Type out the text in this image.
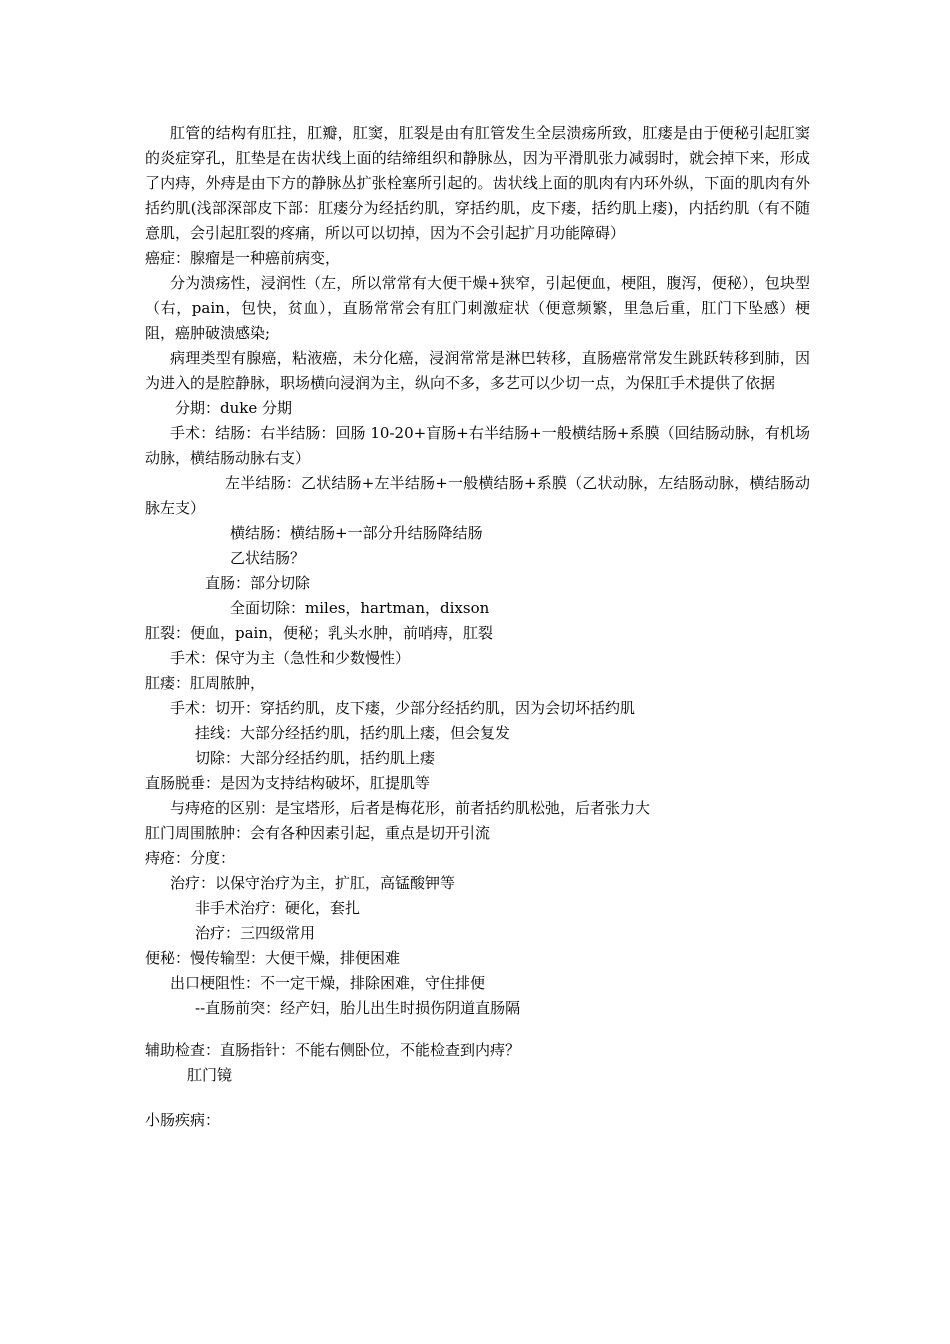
肛管的结构有肛拄，肛瓣，肛窦，肛裂是由有肛管发生全层溃疡所致，肛瘘是由于便秘引起肛窦的炎症穿孔，肛垫是在齿状线上面的结缔组织和静脉丛，因为平滑肌张力减弱时，就会掉下来，形成了内痔，外痔是由下方的静脉丛扩张栓塞所引起的。齿状线上面的肌肉有内环外纵，下面的肌肉有外括约肌(浅部深部皮下部：肛瘘分为经括约肌，穿括约肌，皮下瘘，括约肌上瘘)，内括约肌（有不随意肌，会引起肛裂的疼痛，所以可以切掉，因为不会引起扩月功能障碍）
癌症：腺瘤是一种癌前病变，
分为溃疡性，浸润性（左，所以常常有大便干燥+狭窄，引起便血，梗阻，腹泻，便秘），包块型（右，pain，包快，贫血），直肠常常会有肛门刺激症状（便意频繁，里急后重，肛门下坠感）梗阻，癌肿破溃感染;
病理类型有腺癌，粘液癌，未分化癌，浸润常常是淋巴转移，直肠癌常常发生跳跃转移到肺，因为进入的是腔静脉，职场横向浸润为主，纵向不多，多艺可以少切一点，为保肛手术提供了依据
分期：duke 分期
手术：结肠：右半结肠：回肠 10-20+盲肠+右半结肠+一般横结肠+系膜（回结肠动脉，有机场动脉，横结肠动脉右支）
左半结肠：乙状结肠+左半结肠+一般横结肠+系膜（乙状动脉，左结肠动脉，横结肠动脉左支）
横结肠：横结肠+一部分升结肠降结肠
乙状结肠？
直肠：部分切除
全面切除：miles，hartman，dixson
肛裂：便血，pain，便秘；乳头水肿，前哨痔，肛裂
手术：保守为主（急性和少数慢性）
肛瘘：肛周脓肿，
手术：切开：穿括约肌，皮下瘘，少部分经括约肌，因为会切坏括约肌
挂线：大部分经括约肌，括约肌上瘘，但会复发
切除：大部分经括约肌，括约肌上瘘
直肠脱垂：是因为支持结构破坏，肛提肌等
与痔疮的区别：是宝塔形，后者是梅花形，前者括约肌松弛，后者张力大
肛门周围脓肿：会有各种因素引起，重点是切开引流
痔疮：分度：
治疗：以保守治疗为主，扩肛，高锰酸钾等
非手术治疗：硬化，套扎
治疗：三四级常用
便秘：慢传输型：大便干燥，排便困难
出口梗阻性：不一定干燥，排除困难，守住排便
--直肠前突：经产妇，胎儿出生时损伤阴道直肠隔
辅助检查：直肠指针：不能右侧卧位，不能检查到内痔？
肛门镜
小肠疾病：
